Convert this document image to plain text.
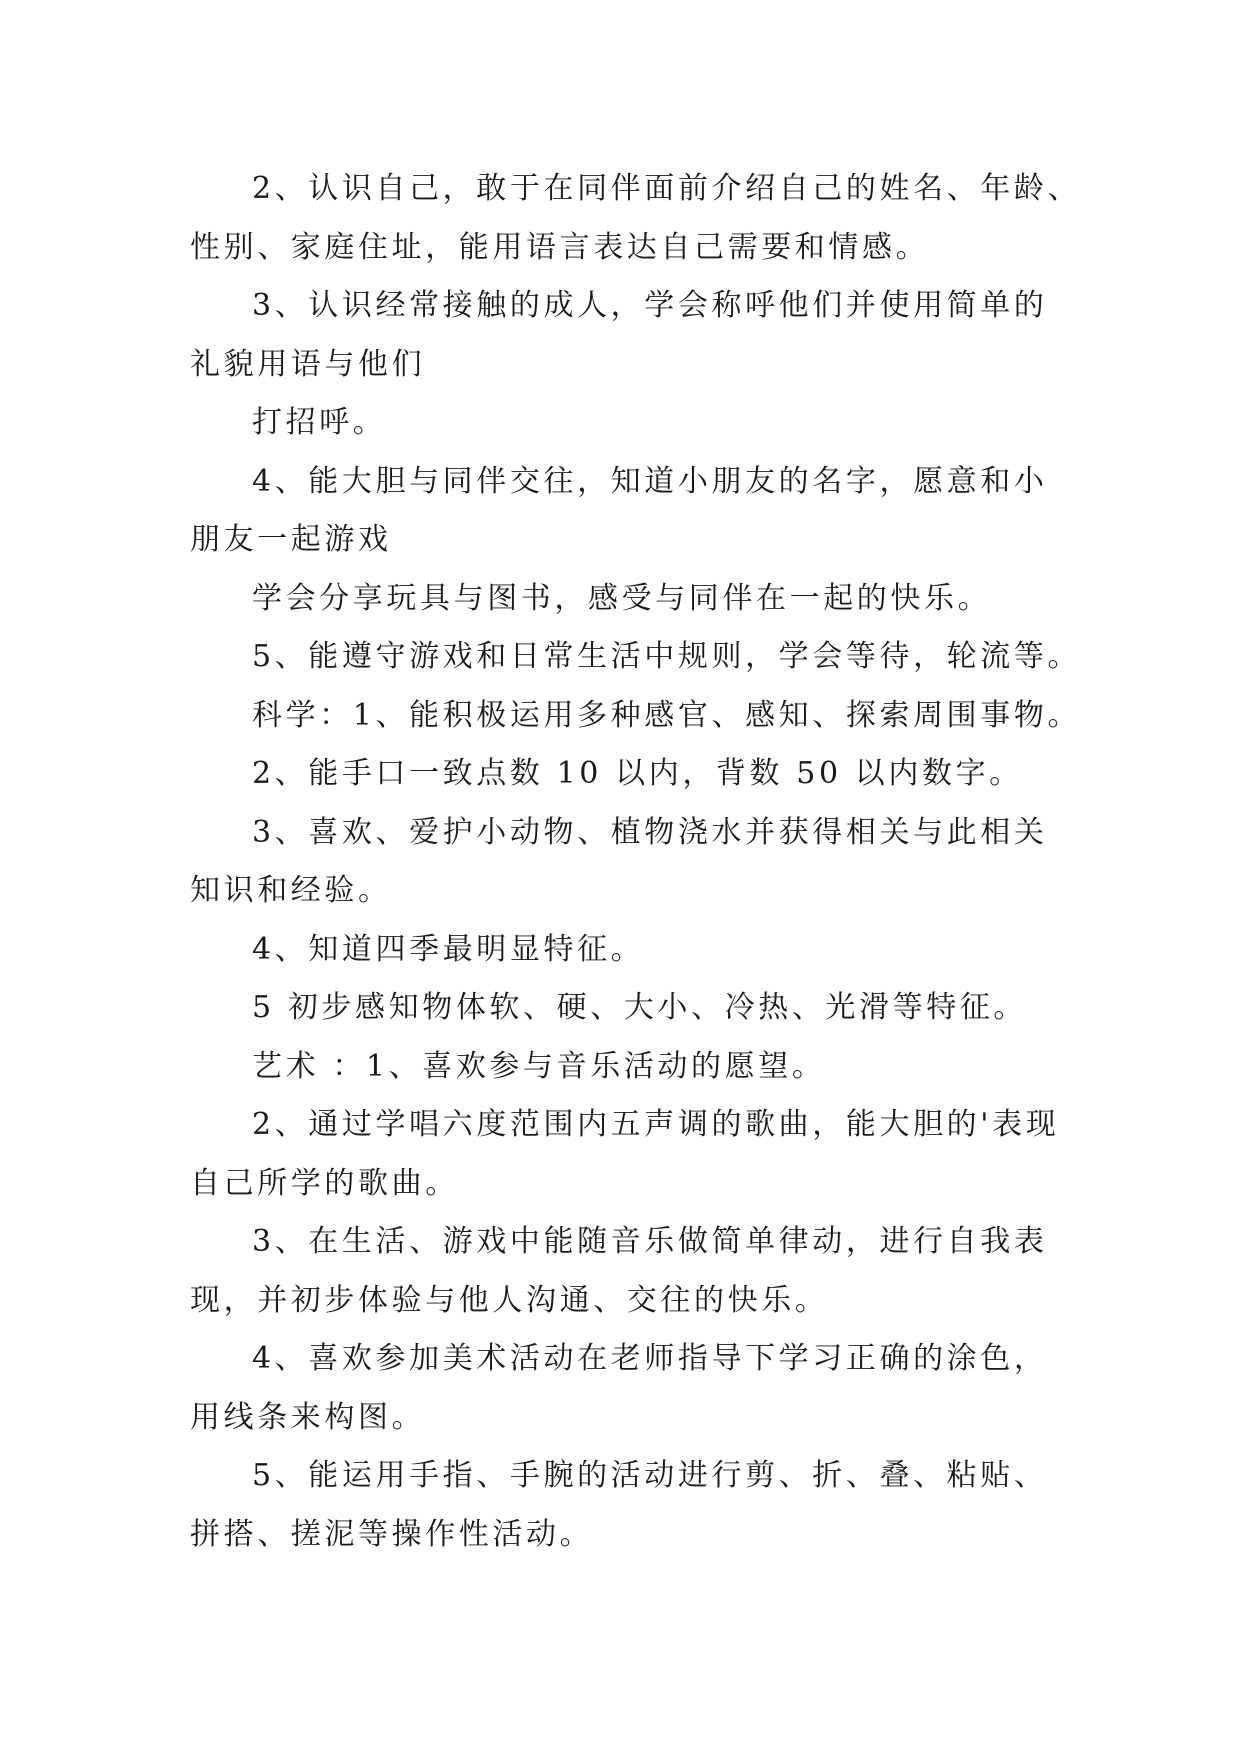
2、认识自己，敢于在同伴面前介绍自己的姓名、年龄、
性别、家庭住址，能用语言表达自己需要和情感。
3、认识经常接触的成人，学会称呼他们并使用简单的
礼貌用语与他们
打招呼。
4、能大胆与同伴交往，知道小朋友的名字，愿意和小
朋友一起游戏
学会分享玩具与图书，感受与同伴在一起的快乐。
5、能遵守游戏和日常生活中规则，学会等待，轮流等。
科学：1、能积极运用多种感官、感知、探索周围事物。
2、能手口一致点数 10 以内，背数 50 以内数字。
3、喜欢、爱护小动物、植物浇水并获得相关与此相关
知识和经验。
4、知道四季最明显特征。
5 初步感知物体软、硬、大小、冷热、光滑等特征。
艺术 ：1、喜欢参与音乐活动的愿望。
2、通过学唱六度范围内五声调的歌曲，能大胆的'表现
自己所学的歌曲。
3、在生活、游戏中能随音乐做简单律动，进行自我表
现，并初步体验与他人沟通、交往的快乐。
4、喜欢参加美术活动在老师指导下学习正确的涂色，
用线条来构图。
5、能运用手指、手腕的活动进行剪、折、叠、粘贴、
拼搭、搓泥等操作性活动。
